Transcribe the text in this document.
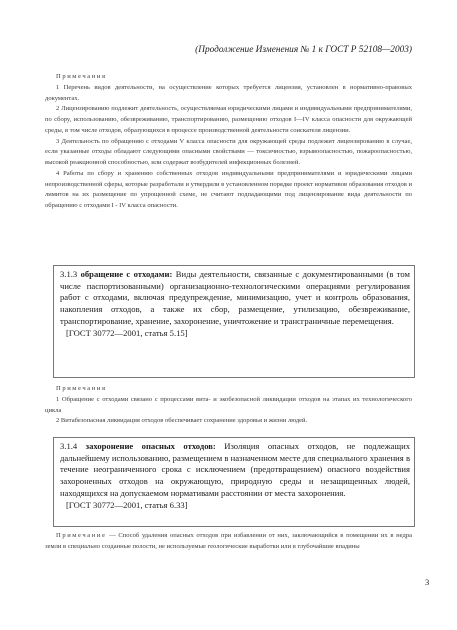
(Продолжение Изменения № 1 к ГОСТ Р 52108—2003)

Примечания

1 Перечень видов деятельности, на осуществление которых требуется лицензия, установлен в нормативно-правовых документах.

2 Лицензированию подлежит деятельность, осуществляемая юридическими лицами и индивидуальными предпринимателями, по сбору, использованию, обезвреживанию, транспортированию, размещению отходов I—IV класса опасности для окружающей среды, в том числе отходов, образующихся в процессе производственной деятельности соискателя лицензии.

3 Деятельность по обращению с отходами V класса опасности для окружающей среды подлежит лицензированию в случае, если указанные отходы обладают следующими опасными свойствами — токсичностью, взрывоопасностью, пожароопасностью, высокой реакционной способностью, или содержат возбудителей инфекционных болезней.

4 Работы по сбору и хранению собственных отходов индивидуальными предпринимателями и юридическими лицами непроизводственной сферы, которые разработали и утвердили в установленном порядке проект нормативов образования отходов и лимитов на их размещение по упрощенной схеме, не считают подпадающими под лицензирование вида деятельности по обращению с отходами I - IV класса опасности.

3.1.3 обращение с отходами: Виды деятельности, связанные с документированными (в том числе паспортизованными) организационно-технологическими операциями регулирования работ с отходами, включая предупреждение, минимизацию, учет и контроль образования, накопления отходов, а также их сбор, размещение, утилизацию, обезвреживание, транспортирование, хранение, захоронение, уничтожение и трансграничные перемещения.

[ГОСТ 30772—2001, статья 5.15]

Примечания

1 Обращение с отходами связано с процессами вита- и экобезопасной ликвидации отходов на этапах их технологического цикла

2 Витабезопасная ликвидация отходов обеспечивает сохранение здоровья и жизни людей.

3.1.4 захоронение опасных отходов: Изоляция опасных отходов, не подлежащих дальнейшему использованию, размещением в назначенном месте для специального хранения в течение неограниченного срока с исключением (предотвращением) опасного воздействия захороненных отходов на окружающую, природную среды и незащищенных людей, находящихся на допускаемом нормативами расстоянии от места захоронения.

[ГОСТ 30772—2001, статья 6.33]

Примечание — Способ удаления опасных отходов при избавлении от них, заключающийся в помещении их в недра земли в специально созданные полости, не используемые геологические выработки или в глубочайшие впадины
3
